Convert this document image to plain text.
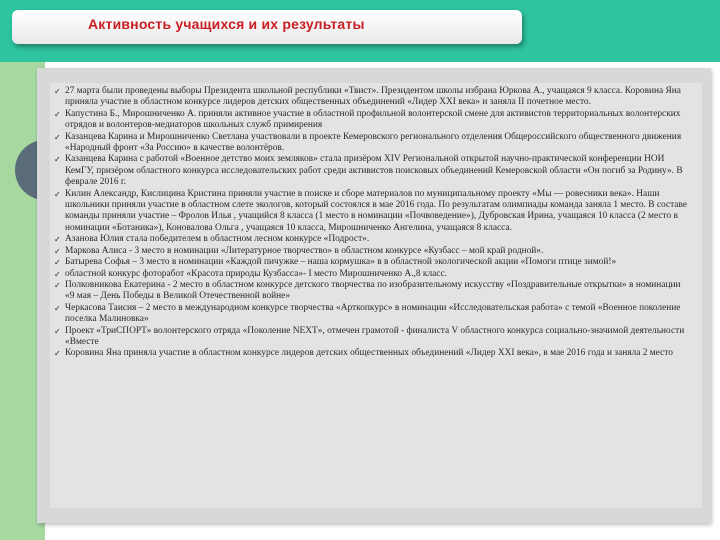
Активность учащихся и их результаты
✓ 27 марта были проведены выборы Президента школьной республики «Твист». Президентом школы избрана Юркова А., учащаяся 9 класса. Коровина Яна приняла участие в областном конкурсе лидеров детских общественных объединений «Лидер XXI века» и заняла II почетное место.
✓ Капустина Б., Мирошниченко А. приняли активное участие в областной профильной волонтерской смене для активистов территориальных волонтерских отрядов и волонтеров-медиаторов школьных служб примирения
✓ Казанцева Карина и Мирошниченко Светлана участвовали в проекте Кемеровского регионального отделения Общероссийского общественного движения «Народный фронт «За Россию» в качестве волонтёров.
✓ Казанцева Карина с работой «Военное детство моих земляков» стала призёром XIV Региональной открытой научно-практической конференции НОИ КемГУ, призёром областного конкурса исследовательских работ среди активистов поисковых объединений Кемеровской области «Он погиб за Родину». В феврале 2016 г.
✓ Килин Александр, Кислицина Кристина приняли участие в поиске и сборе материалов по муниципальному проекту «Мы — ровесники века». Наши школьники приняли участие в областном слете экологов, который состоялся в мае 2016 года. По результатам олимпиады команда заняла 1 место. В составе команды приняли участие – Фролов Илья , учащийся 8 класса (1 место в номинации «Почвоведение»), Дубровская Ирина, учащаяся 10 класса (2 место в номинации «Ботаника»), Коновалова Ольга , учащаяся 10 класса, Мирошниченко Ангелина, учащаяся 8 класса.
✓ Азанова Юлия стала победителем в областном лесном конкурсе «Подрост».
✓ Маркова Алиса - 3 место в номинации «Литературное творчество» в областном конкурсе «Кузбасс – мой край родной».
✓ Батырева Софья – 3 место в номинации «Каждой пичужке – наша кормушка» в в областной экологической акции «Помоги птице зимой!»
✓ областной конкурс фоторабот «Красота природы Кузбасса»- I место Мирошниченко А.,8 класс.
✓ Полковникова Екатерина - 2 место в областном конкурсе детского творчества по изобразительному искусству «Поздравительные открытки» в номинации «9 мая – День Победы в Великой Отечественной войне»
✓ Черкасова Таисия – 2 место в международном конкурсе творчества «Арткопкурс» в номинации «Исследовательская работа» с темой «Военное поколение поселка Малиновка»
✓ Проект «ТриСПОРТ» волонтерского отряда «Поколение NEXT», отмечен грамотой - финалиста V областного конкурса социально-значимой деятельности «Вместе
✓ Коровина Яна приняла участие в областном конкурсе лидеров детских общественных объединений «Лидер XXI века», в мае 2016 года и заняла 2 место
